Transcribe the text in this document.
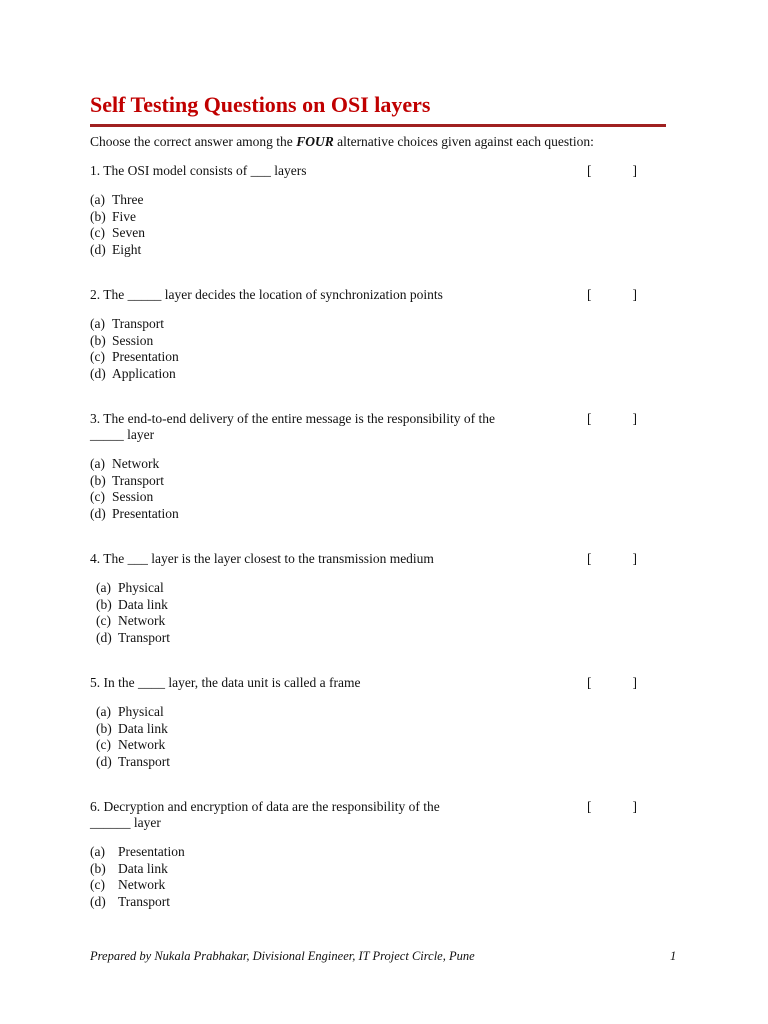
Self Testing Questions on OSI layers
Choose the correct answer among the FOUR alternative choices given against each question:
1. The OSI model consists of ___ layers	[	]
(a) Three
(b) Five
(c) Seven
(d) Eight
2. The _____ layer decides the location of synchronization points	[	]
(a) Transport
(b) Session
(c) Presentation
(d) Application
3. The end-to-end delivery of the entire message is the responsibility of the _____ layer
[	]
(a) Network
(b) Transport
(c) Session
(d) Presentation
4. The ___ layer is the layer closest to the transmission medium	[	]
(a) Physical
(b) Data link
(c) Network
(d) Transport
5. In the ____ layer, the data unit is called a frame	[	]
(a) Physical
(b) Data link
(c) Network
(d) Transport
6. Decryption and encryption of data are the responsibility of the ______ layer
[	]
(a) Presentation
(b) Data link
(c) Network
(d) Transport
Prepared by Nukala Prabhakar, Divisional Engineer, IT Project Circle, Pune	1
